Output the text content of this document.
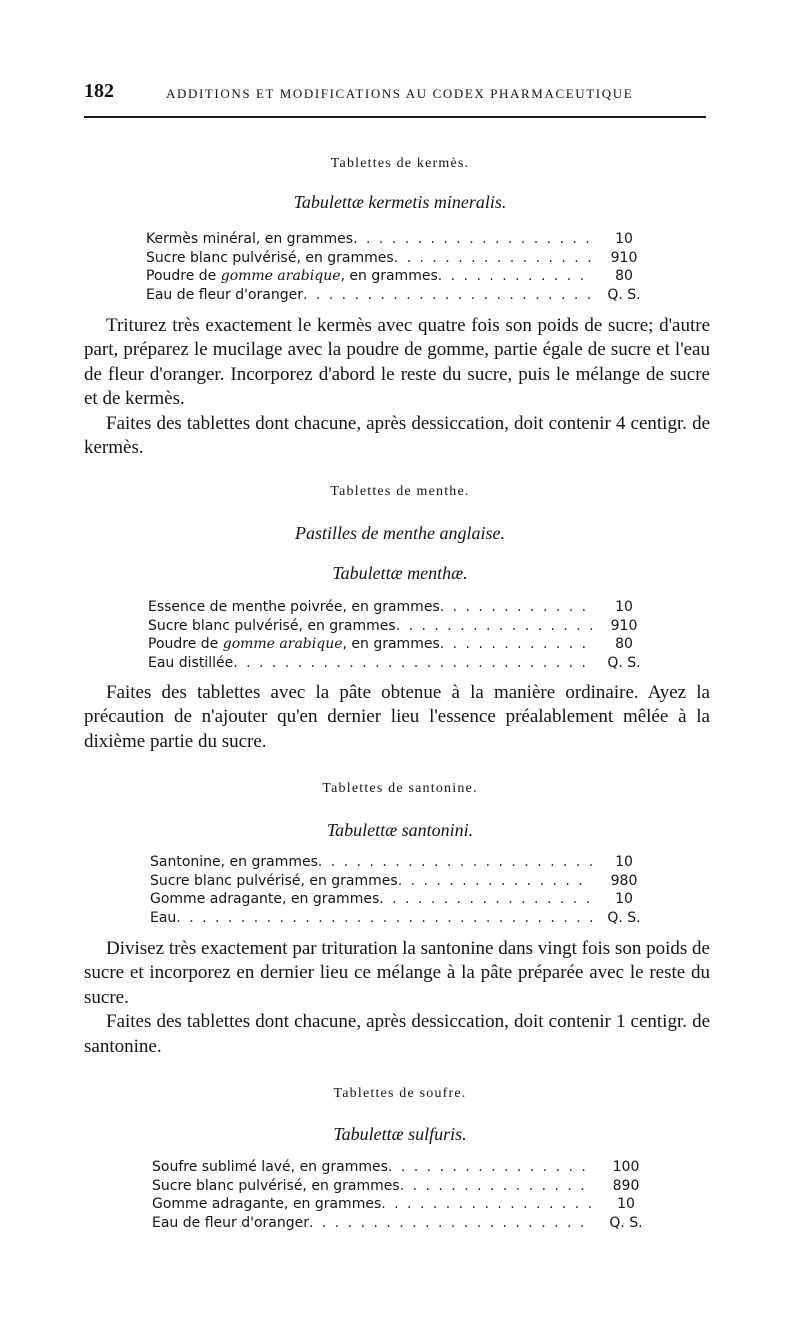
182	ADDITIONS ET MODIFICATIONS AU CODEX PHARMACEUTIQUE
Tablettes de kermès.
Tabulettæ kermetis mineralis.
Kermès minéral, en grammes . . .	10
Sucre blanc pulvérisé, en grammes . . .	910
Poudre de gomme arabique, en grammes . . .	80
Eau de fleur d'oranger . . .	Q. S.

Triturez très exactement le kermès avec quatre fois son poids de sucre; d'autre part, préparez le mucilage avec la poudre de gomme, partie égale de sucre et l'eau de fleur d'oranger. Incorporez d'abord le reste du sucre, puis le mélange de sucre et de kermès.

Faites des tablettes dont chacune, après dessiccation, doit contenir 4 centigr. de kermès.

Tablettes de menthe.
Pastilles de menthe anglaise.
Tabulettæ menthæ.
Essence de menthe poivrée, en grammes . . .	10
Sucre blanc pulvérisé, en grammes . . .	910
Poudre de gomme arabique, en grammes . . .	80
Eau distillée . . .	Q. S.

Faites des tablettes avec la pâte obtenue à la manière ordinaire. Ayez la précaution de n'ajouter qu'en dernier lieu l'essence préalablement mêlée à la dixième partie du sucre.

Tablettes de santonine.
Tabulettæ santonini.
Santonine, en grammes . . .	10
Sucre blanc pulvérisé, en grammes . . .	980
Gomme adragante, en grammes . . .	10
Eau . . .	Q. S.

Divisez très exactement par trituration la santonine dans vingt fois son poids de sucre et incorporez en dernier lieu ce mélange à la pâte préparée avec le reste du sucre.

Faites des tablettes dont chacune, après dessiccation, doit contenir 1 centigr. de santonine.

Tablettes de soufre.
Tabulettæ sulfuris.
Soufre sublimé lavé, en grammes . . .	100
Sucre blanc pulvérisé, en grammes . . .	890
Gomme adragante, en grammes . . .	10
Eau de fleur d'oranger . . .	Q. S.
